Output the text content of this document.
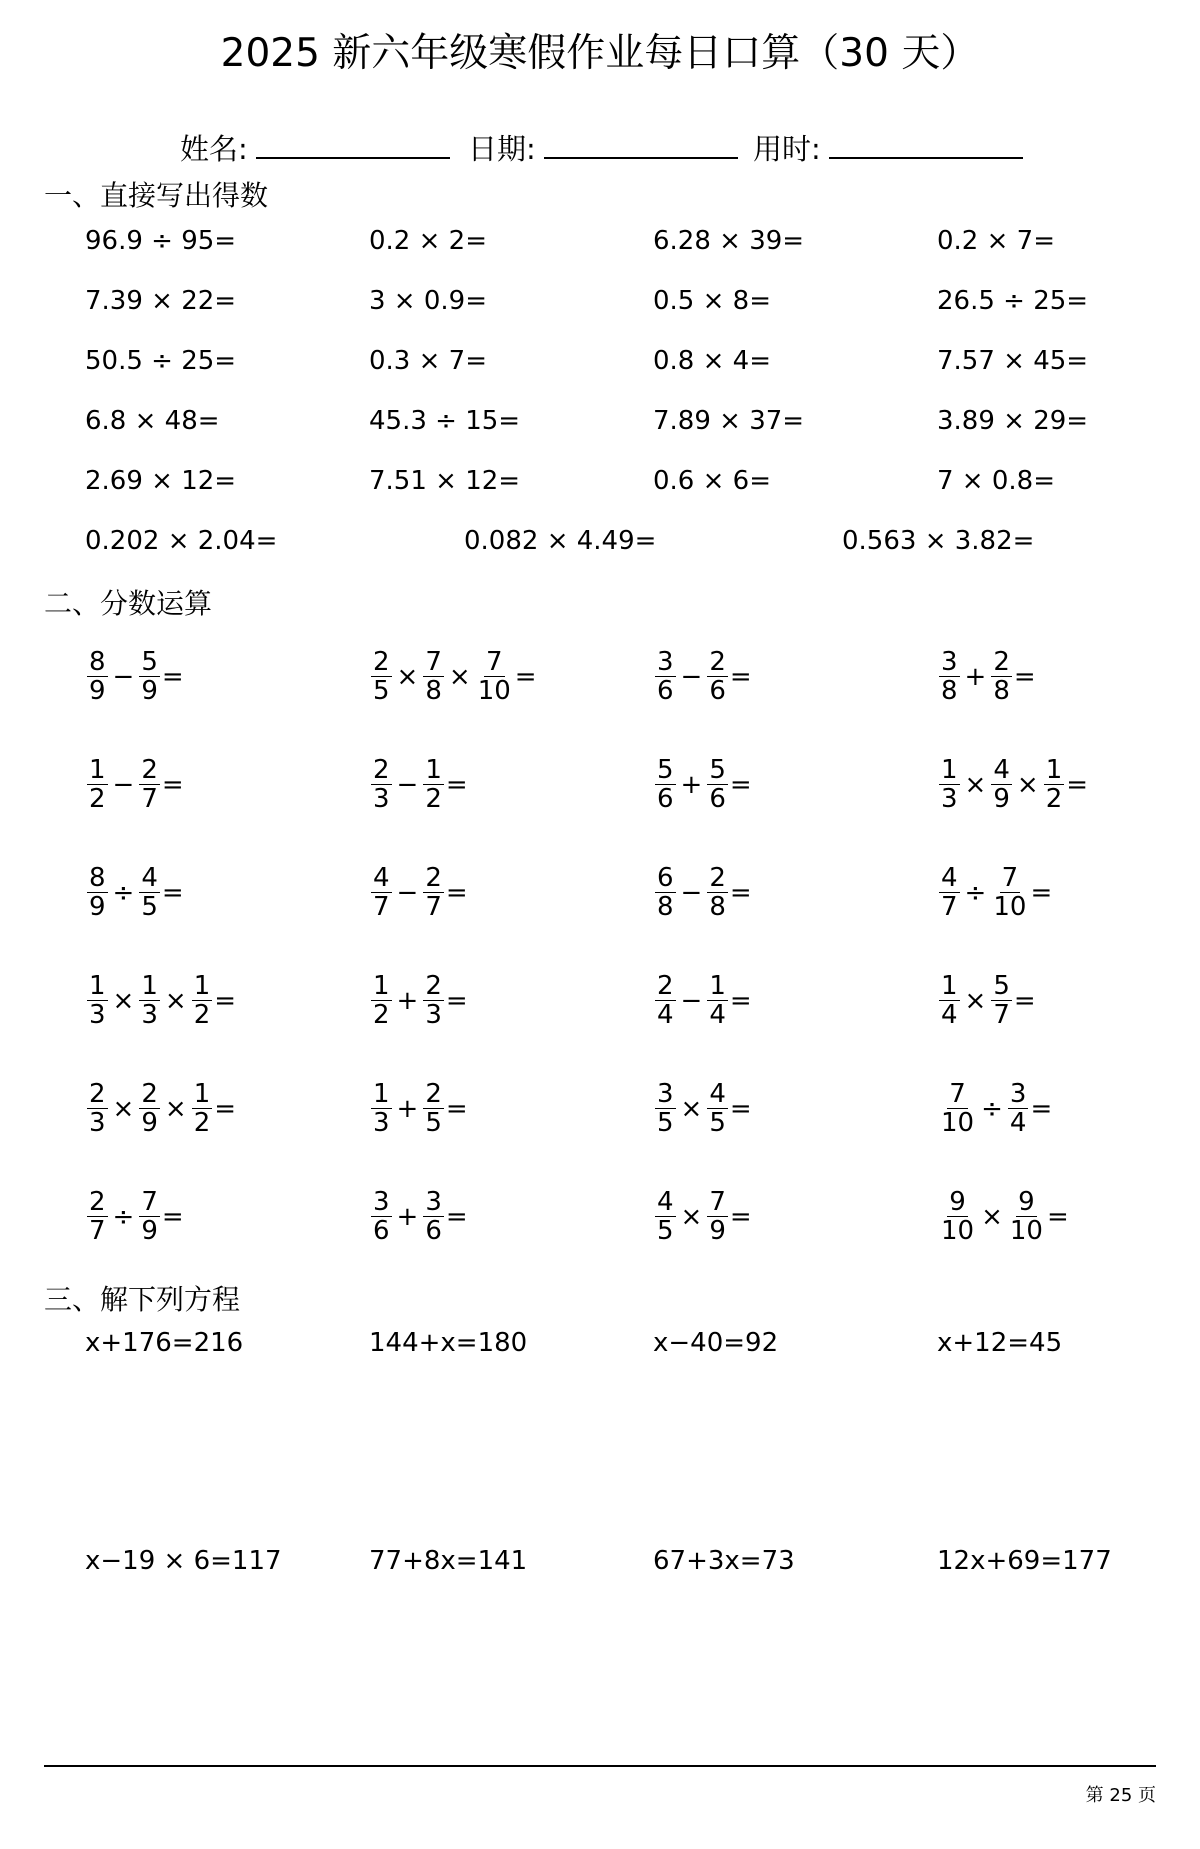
2025 新六年级寒假作业每日口算（30 天）
姓名:	日期:	用时:
一、直接写出得数
96.9 ÷ 95=	0.2 × 2=	6.28 × 39=	0.2 × 7=
7.39 × 22=	3 × 0.9=	0.5 × 8=	26.5 ÷ 25=
50.5 ÷ 25=	0.3 × 7=	0.8 × 4=	7.57 × 45=
6.8 × 48=	45.3 ÷ 15=	7.89 × 37=	3.89 × 29=
2.69 × 12=	7.51 × 12=	0.6 × 6=	7 × 0.8=
0.202 × 2.04=	0.082 × 4.49=	0.563 × 3.82=
二、分数运算
$\frac{8}{9} - \frac{5}{9}$ =	$\frac{2}{5} \times \frac{7}{8} \times \frac{7}{10}$ =	$\frac{3}{6} - \frac{2}{6}$ =	$\frac{3}{8} + \frac{2}{8}$ =
$\frac{1}{2} - \frac{2}{7}$ =	$\frac{2}{3} - \frac{1}{2}$ =	$\frac{5}{6} + \frac{5}{6}$ =	$\frac{1}{3} \times \frac{4}{9} \times \frac{1}{2}$ =
$\frac{8}{9} \div \frac{4}{5}$ =	$\frac{4}{7} - \frac{2}{7}$ =	$\frac{6}{8} - \frac{2}{8}$ =	$\frac{4}{7} \div \frac{7}{10}$ =
$\frac{1}{3} \times \frac{1}{3} \times \frac{1}{2}$ =	$\frac{1}{2} + \frac{2}{3}$ =	$\frac{2}{4} - \frac{1}{4}$ =	$\frac{1}{4} \times \frac{5}{7}$ =
$\frac{2}{3} \times \frac{2}{9} \times \frac{1}{2}$ =	$\frac{1}{3} + \frac{2}{5}$ =	$\frac{3}{5} \times \frac{4}{5}$ =	$\frac{7}{10} \div \frac{3}{4}$ =
$\frac{2}{7} \div \frac{7}{9}$ =	$\frac{3}{6} + \frac{3}{6}$ =	$\frac{4}{5} \times \frac{7}{9}$ =	$\frac{9}{10} \times \frac{9}{10}$ =
三、解下列方程
x+176=216	144+x=180	x−40=92	x+12=45
x−19 × 6=117	77+8x=141	67+3x=73	12x+69=177
第 25 页
